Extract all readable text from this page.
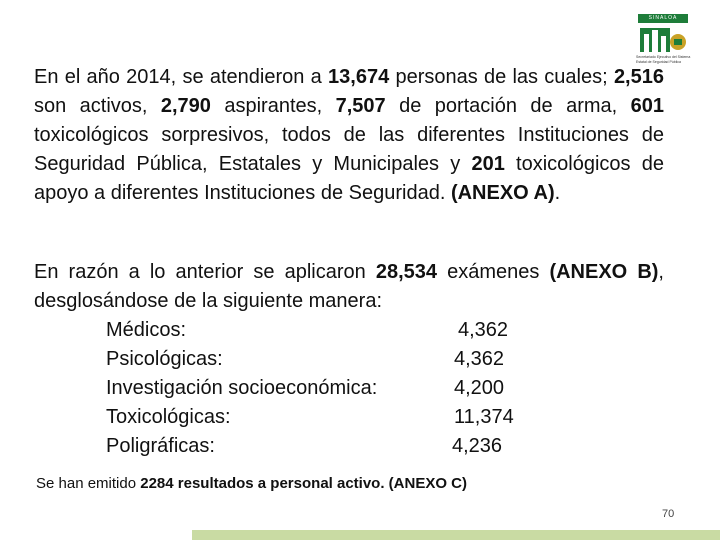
SINALOA
Secretariado Ejecutivo del Sistema Estatal de Seguridad Pública

En el año 2014, se atendieron a 13,674 personas de las cuales; 2,516 son activos, 2,790 aspirantes, 7,507 de portación de arma, 601 toxicológicos sorpresivos, todos de las diferentes Instituciones de Seguridad Pública, Estatales y Municipales y 201 toxicológicos de apoyo a diferentes Instituciones de Seguridad. (ANEXO A).

En razón a lo anterior se aplicaron 28,534 exámenes (ANEXO B), desglosándose de la siguiente manera:

Médicos:	4,362
Psicológicas:	4,362
Investigación socioeconómica:	4,200
Toxicológicas:	11,374
Poligráficas:	4,236
Se han emitido 2284 resultados a personal activo. (ANEXO C)
70
